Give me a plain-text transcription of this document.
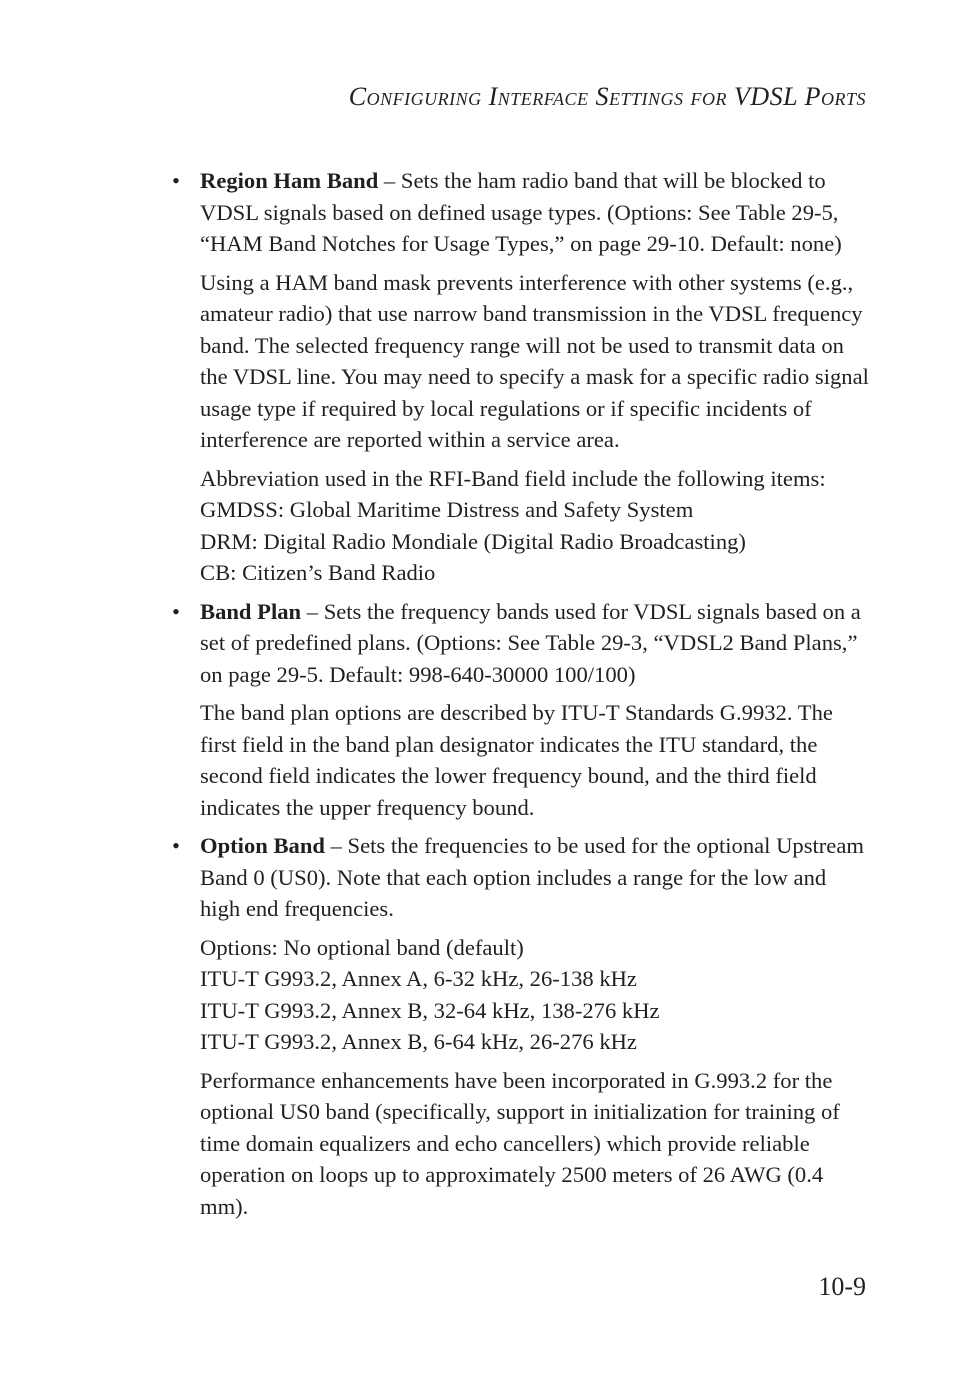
Configuring Interface Settings for VDSL Ports

• Region Ham Band – Sets the ham radio band that will be blocked to VDSL signals based on defined usage types. (Options: See Table 29-5, “HAM Band Notches for Usage Types,” on page 29-10. Default: none)

Using a HAM band mask prevents interference with other systems (e.g., amateur radio) that use narrow band transmission in the VDSL frequency band. The selected frequency range will not be used to transmit data on the VDSL line. You may need to specify a mask for a specific radio signal usage type if required by local regulations or if specific incidents of interference are reported within a service area.

Abbreviation used in the RFI-Band field include the following items:
GMDSS: Global Maritime Distress and Safety System
DRM: Digital Radio Mondiale (Digital Radio Broadcasting)
CB: Citizen’s Band Radio

• Band Plan – Sets the frequency bands used for VDSL signals based on a set of predefined plans. (Options: See Table 29-3, “VDSL2 Band Plans,” on page 29-5. Default: 998-640-30000 100/100)

The band plan options are described by ITU-T Standards G.9932. The first field in the band plan designator indicates the ITU standard, the second field indicates the lower frequency bound, and the third field indicates the upper frequency bound.

• Option Band – Sets the frequencies to be used for the optional Upstream Band 0 (US0). Note that each option includes a range for the low and high end frequencies.

Options: No optional band (default)
ITU-T G993.2, Annex A, 6-32 kHz, 26-138 kHz
ITU-T G993.2, Annex B, 32-64 kHz, 138-276 kHz
ITU-T G993.2, Annex B, 6-64 kHz, 26-276 kHz

Performance enhancements have been incorporated in G.993.2 for the optional US0 band (specifically, support in initialization for training of time domain equalizers and echo cancellers) which provide reliable operation on loops up to approximately 2500 meters of 26 AWG (0.4 mm).

10-9
